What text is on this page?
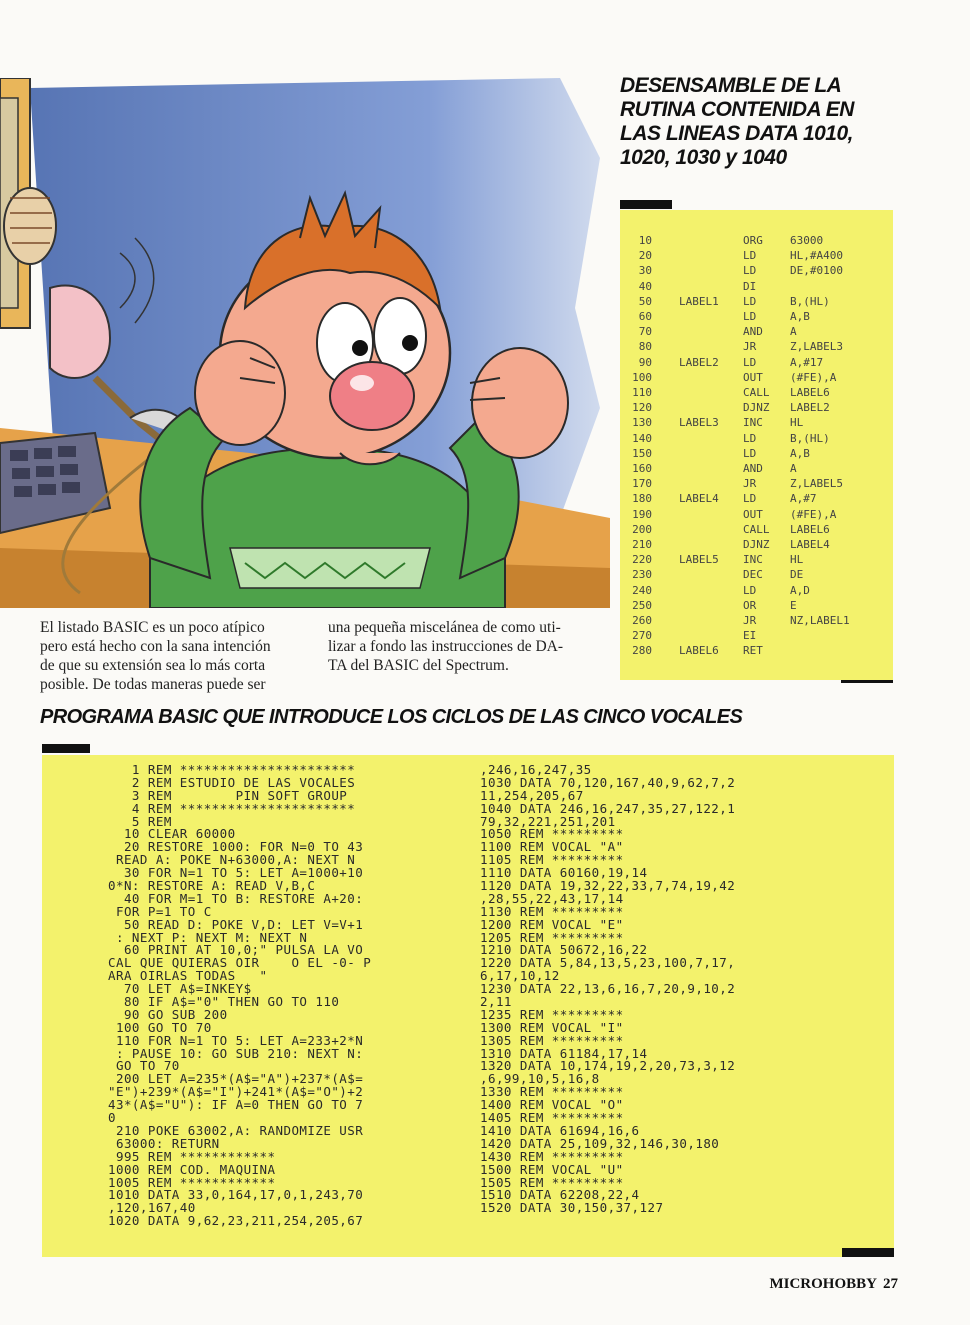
DESENSAMBLE DE LA
RUTINA CONTENIDA EN
LAS LINEAS DATA 1010,
1020, 1030 y 1040
10	ORG 63000
20	LD	HL,#A400
30	LD	DE,#0100
40	DI
50 LABEL1 LD	B,(HL)
60	LD	A,B
70	AND A
80	JR	Z,LABEL3
90 LABEL2 LD	A,#17
100	OUT (#FE),A
110	CALL LABEL6
120	DJNZ LABEL2
130 LABEL3 INC HL
140	LD	B,(HL)
150	LD	A,B
160	AND A
170	JR	Z,LABEL5
180 LABEL4 LD	A,#7
190	OUT (#FE),A
200	CALL LABEL6
210	DJNZ LABEL4
220 LABEL5 INC HL
230	DEC DE
240	LD	A,D
250	OR	E
260	JR	NZ,LABEL1
270	EI
280 LABEL6 RET
El listado BASIC es un poco atípico
pero está hecho con la sana intención
de que su extensión sea lo más corta
posible. De todas maneras puede ser
una pequeña miscelánea de como uti-
lizar a fondo las instrucciones de DA-
TA del BASIC del Spectrum.
PROGRAMA BASIC QUE INTRODUCE LOS CICLOS DE LAS CINCO VOCALES
1 REM **********************
2 REM ESTUDIO DE LAS VOCALES
3 REM        PIN SOFT GROUP
4 REM **********************
5 REM
10 CLEAR 60000
20 RESTORE 1000: FOR N=0 TO 43
READ A: POKE N+63000,A: NEXT N
30 FOR N=1 TO 5: LET A=1000+10
0*N: RESTORE A: READ V,B,C
40 FOR M=1 TO B: RESTORE A+20:
FOR P=1 TO C
50 READ D: POKE V,D: LET V=V+1
: NEXT P: NEXT M: NEXT N
60 PRINT AT 10,0;" PULSA LA VO
CAL QUE QUIERAS OIR    O EL -0- P
ARA OIRLAS TODAS   "
70 LET A$=INKEY$
80 IF A$="0" THEN GO TO 110
90 GO SUB 200
100 GO TO 70
110 FOR N=1 TO 5: LET A=233+2*N
: PAUSE 10: GO SUB 210: NEXT N:
GO TO 70
200 LET A=235*(A$="A")+237*(A$=
"E")+239*(A$="I")+241*(A$="O")+2
43*(A$="U"): IF A=0 THEN GO TO 7
0
210 POKE 63002,A: RANDOMIZE USR
63000: RETURN
995 REM ************
1000 REM COD. MAQUINA
1005 REM ************
1010 DATA 33,0,164,17,0,1,243,70
,120,167,40
1020 DATA 9,62,23,211,254,205,67
,246,16,247,35
1030 DATA 70,120,167,40,9,62,7,2
11,254,205,67
1040 DATA 246,16,247,35,27,122,1
79,32,221,251,201
1050 REM *********
1100 REM VOCAL "A"
1105 REM *********
1110 DATA 60160,19,14
1120 DATA 19,32,22,33,7,74,19,42
,28,55,22,43,17,14
1130 REM *********
1200 REM VOCAL "E"
1205 REM *********
1210 DATA 50672,16,22
1220 DATA 5,84,13,5,23,100,7,17,
6,17,10,12
1230 DATA 22,13,6,16,7,20,9,10,2
2,11
1235 REM *********
1300 REM VOCAL "I"
1305 REM *********
1310 DATA 61184,17,14
1320 DATA 10,174,19,2,20,73,3,12
,6,99,10,5,16,8
1330 REM *********
1400 REM VOCAL "O"
1405 REM *********
1410 DATA 61694,16,6
1420 DATA 25,109,32,146,30,180
1430 REM *********
1500 REM VOCAL "U"
1505 REM *********
1510 DATA 62208,22,4
1520 DATA 30,150,37,127
MICROHOBBY 27
